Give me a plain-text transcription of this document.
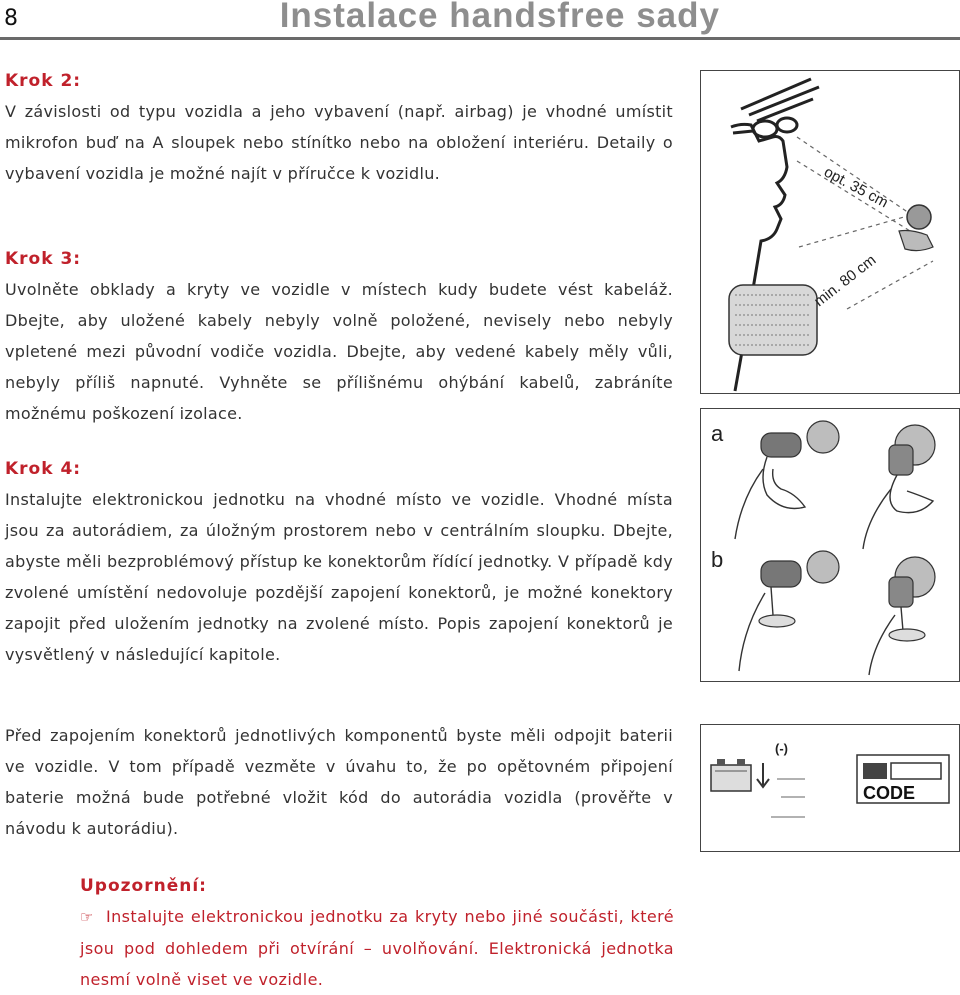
8	Instalace handsfree sady

Krok 2:

V závislosti od typu vozidla a jeho vybavení (např. airbag) je vhodné umístit mikrofon buď na A sloupek nebo stínítko nebo na obložení interiéru. Detaily o vybavení vozidla je možné najít v příručce k vozidlu.

Krok 3:

Uvolněte obklady a kryty ve vozidle v místech kudy budete vést kabeláž. Dbejte, aby uložené kabely nebyly volně položené, nevisely nebo nebyly vpletené mezi původní vodiče vozidla. Dbejte, aby vedené kabely měly vůli, nebyly příliš napnuté. Vyhněte se přílišnému ohýbání kabelů, zabráníte možnému poškození izolace.

Krok 4:

Instalujte elektronickou jednotku na vhodné místo ve vozidle. Vhodné místa jsou za autorádiem, za úložným prostorem nebo v centrálním sloupku. Dbejte, abyste měli bezproblémový přístup ke konektorům řídící jednotky. V případě kdy zvolené umístění nedovoluje pozdější zapojení konektorů, je možné konektory zapojit před uložením jednotky na zvolené místo. Popis zapojení konektorů je vysvětlený v následující kapitole.

Před zapojením konektorů jednotlivých komponentů byste měli odpojit baterii ve vozidle. V tom případě vezměte v úvahu to, že po opětovném připojení baterie možná bude potřebné vložit kód do autorádia vozidla (prověřte v návodu k autorádiu).

Upozornění:

☞ Instalujte elektronickou jednotku za kryty nebo jiné součásti, které jsou pod dohledem při otvírání – uvolňování. Elektronická jednotka nesmí volně viset ve vozidle.

opt. 35 cm
min. 80 cm
a
b
(-)
CODE
